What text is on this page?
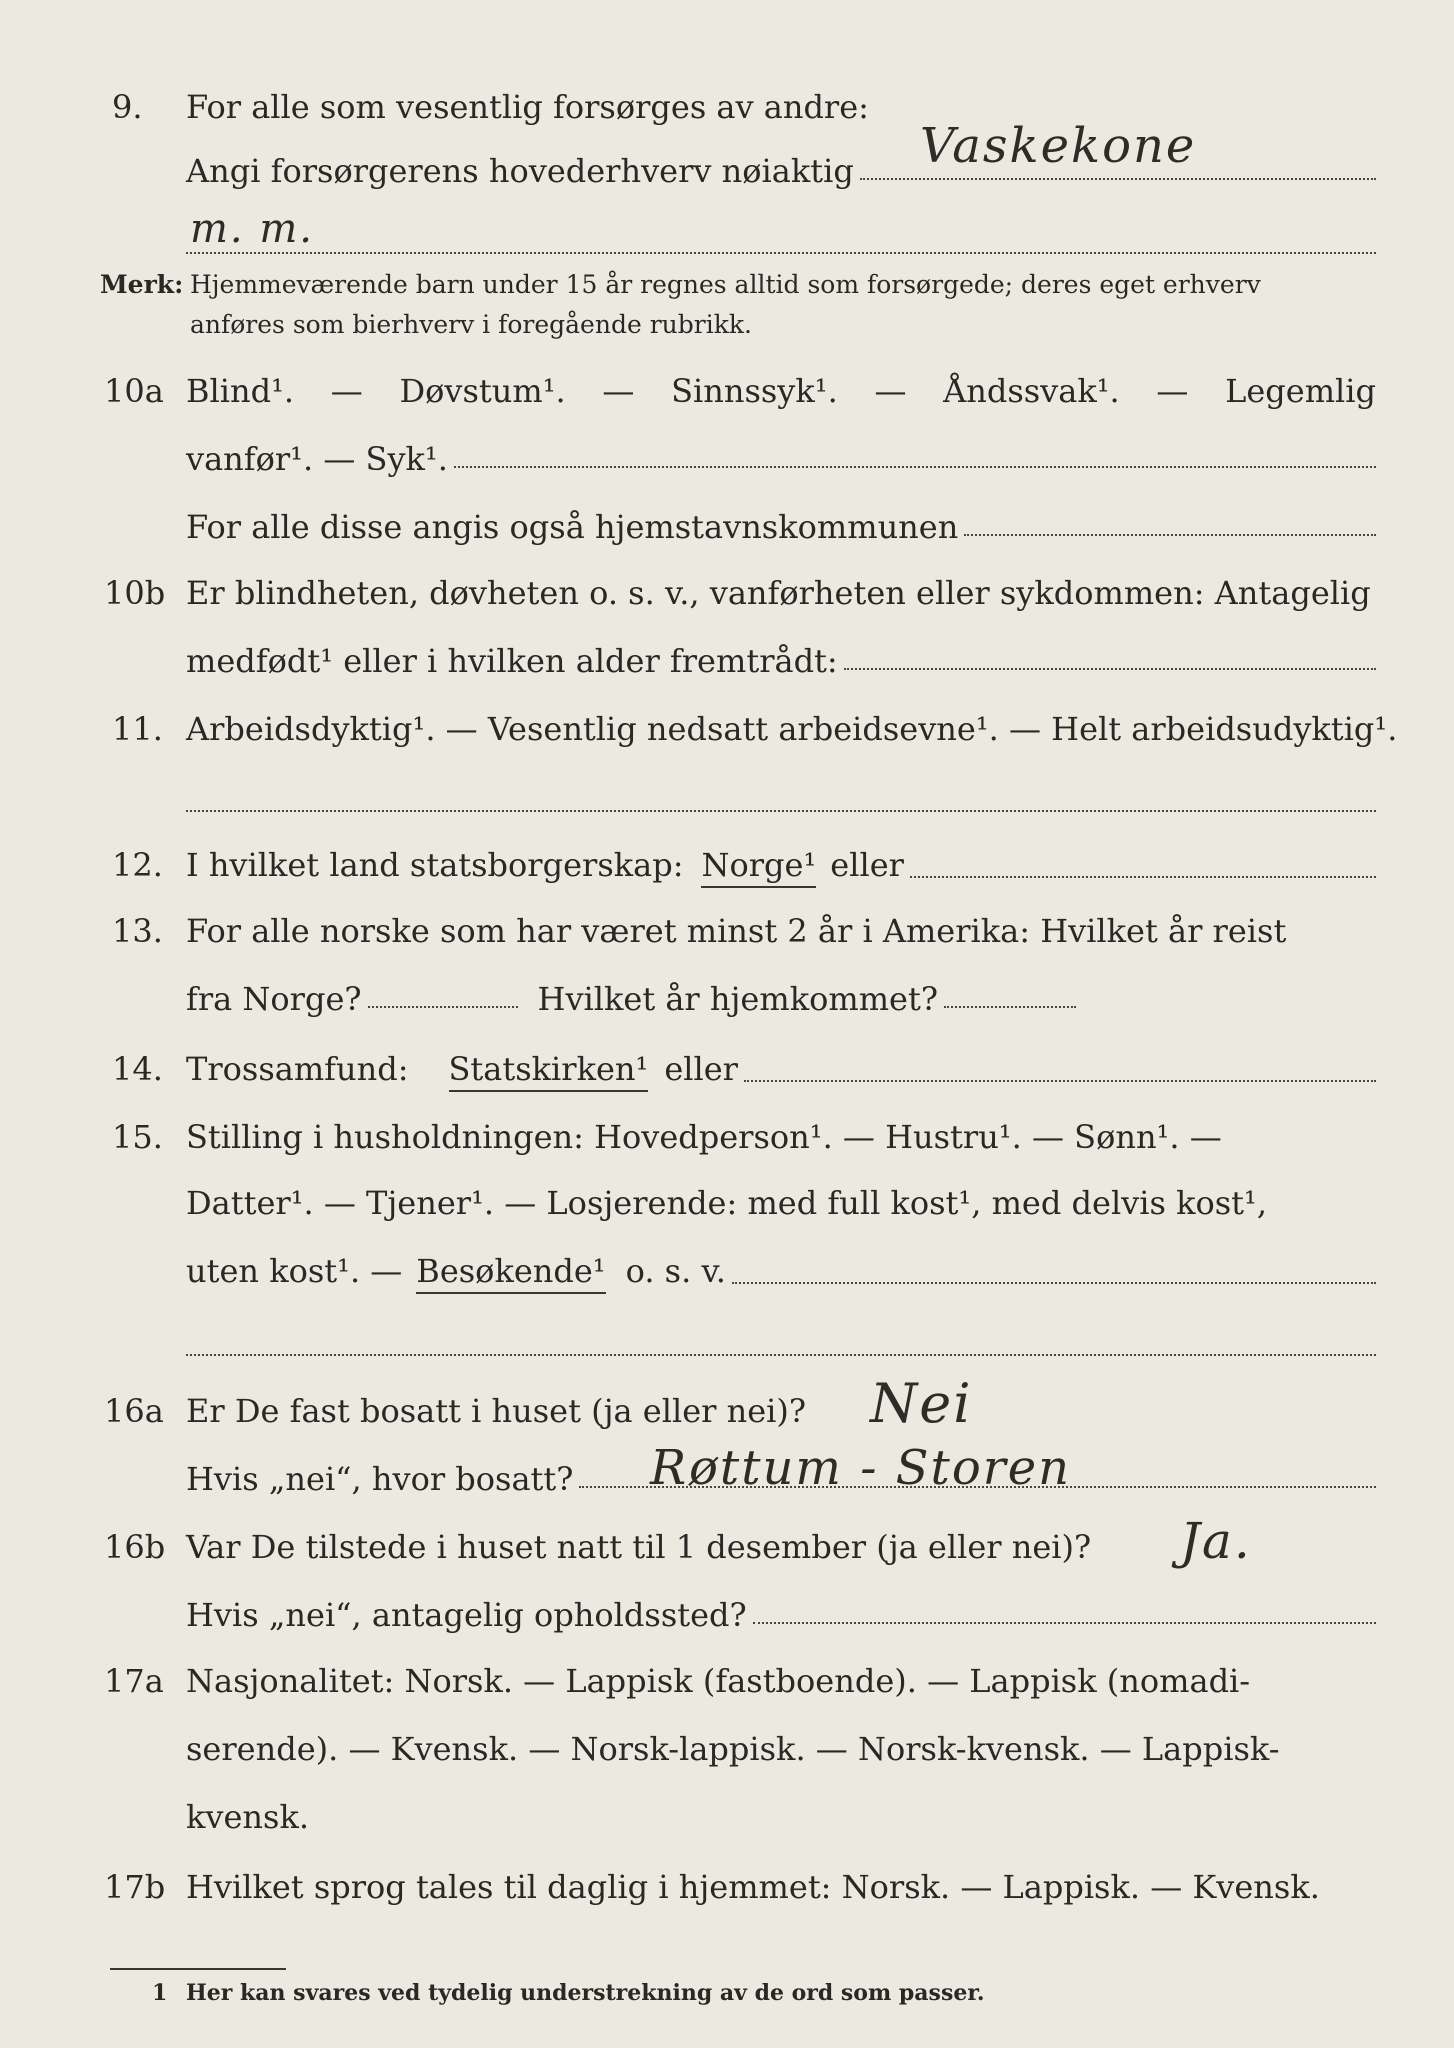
9. For alle som vesentlig forsørges av andre:
Angi forsørgerens hovederhverv nøiaktig Vaskekone
m. m.
Merk: Hjemmeværende barn under 15 år regnes alltid som forsørgede; deres eget erhverv
anføres som bierhverv i foregående rubrikk.
10a Blind¹. — Døvstum¹. — Sinnssyk¹. — Åndssvak¹. — Legemlig
vanfør¹. — Syk¹.
For alle disse angis også hjemstavnskommunen
10b Er blindheten, døvheten o. s. v., vanførheten eller sykdommen: Antagelig
medfødt¹ eller i hvilken alder fremtrådt:
11. Arbeidsdyktig¹. — Vesentlig nedsatt arbeidsevne¹. — Helt arbeidsudyktig¹.
12. I hvilket land statsborgerskap: Norge¹ eller
13. For alle norske som har været minst 2 år i Amerika: Hvilket år reist
fra Norge?	Hvilket år hjemkommet?
14. Trossamfund: Statskirken¹ eller
15. Stilling i husholdningen: Hovedperson¹. — Hustru¹. — Sønn¹. —
Datter¹. — Tjener¹. — Losjerende: med full kost¹, med delvis kost¹,
uten kost¹. — Besøkende¹ o. s. v.
16a Er De fast bosatt i huset (ja eller nei)? Nei
Hvis „nei“, hvor bosatt? Røttum - Storen
16b Var De tilstede i huset natt til 1 desember (ja eller nei)? Ja.
Hvis „nei“, antagelig opholdssted?
17a Nasjonalitet: Norsk. — Lappisk (fastboende). — Lappisk (nomadi-
serende). — Kvensk. — Norsk-lappisk. — Norsk-kvensk. — Lappisk-
kvensk.
17b Hvilket sprog tales til daglig i hjemmet: Norsk. — Lappisk. — Kvensk.
1 Her kan svares ved tydelig understrekning av de ord som passer.
